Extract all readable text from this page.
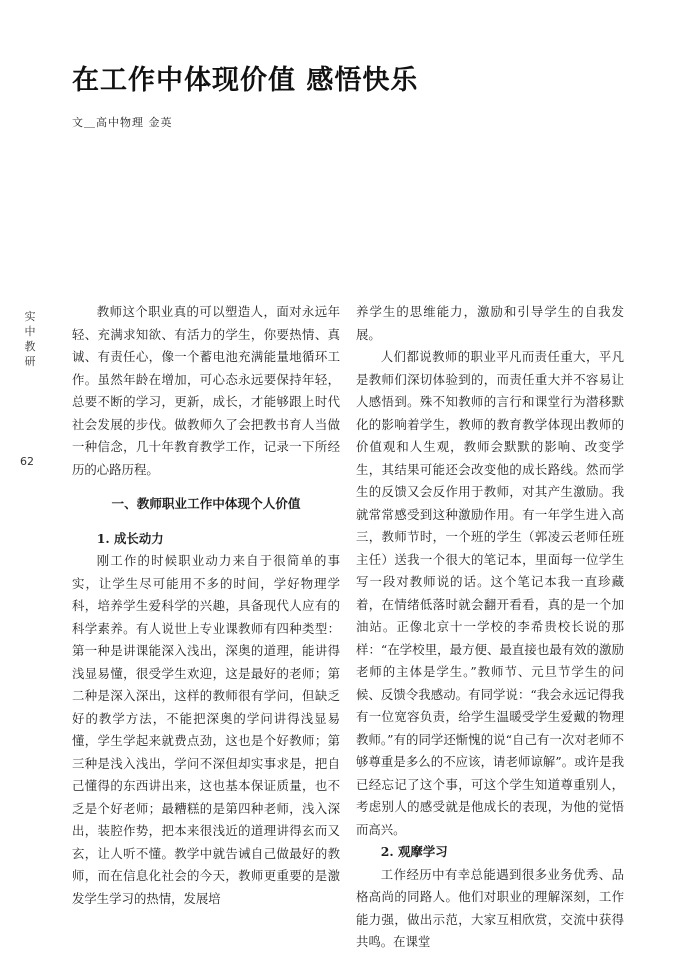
在工作中体现价值 感悟快乐
文＿高中物理 金英
实
中
教
研
62

教师这个职业真的可以塑造人，面对永远年轻、充满求知欲、有活力的学生，你要热情、真诚、有责任心，像一个蓄电池充满能量地循环工作。虽然年龄在增加，可心态永远要保持年轻，总要不断的学习，更新，成长，才能够跟上时代社会发展的步伐。做教师久了会把教书育人当做一种信念，几十年教育教学工作，记录一下所经历的心路历程。

一、教师职业工作中体现个人价值

1. 成长动力

刚工作的时候职业动力来自于很简单的事实，让学生尽可能用不多的时间，学好物理学科，培养学生爱科学的兴趣，具备现代人应有的科学素养。有人说世上专业课教师有四种类型：第一种是讲课能深入浅出，深奥的道理，能讲得浅显易懂，很受学生欢迎，这是最好的老师；第二种是深入深出，这样的教师很有学问，但缺乏好的教学方法，不能把深奥的学问讲得浅显易懂，学生学起来就费点劲，这也是个好教师；第三种是浅入浅出，学问不深但却实事求是，把自己懂得的东西讲出来，这也基本保证质量，也不乏是个好老师；最糟糕的是第四种老师，浅入深出，装腔作势，把本来很浅近的道理讲得玄而又玄，让人听不懂。教学中就告诫自己做最好的教师，而在信息化社会的今天，教师更重要的是激发学生学习的热情，发展培

养学生的思维能力，激励和引导学生的自我发展。

人们都说教师的职业平凡而责任重大，平凡是教师们深切体验到的，而责任重大并不容易让人感悟到。殊不知教师的言行和课堂行为潜移默化的影响着学生，教师的教育教学体现出教师的价值观和人生观，教师会默默的影响、改变学生，其结果可能还会改变他的成长路线。然而学生的反馈又会反作用于教师，对其产生激励。我就常常感受到这种激励作用。有一年学生进入高三，教师节时，一个班的学生（郭凌云老师任班主任）送我一个很大的笔记本，里面每一位学生写一段对教师说的话。这个笔记本我一直珍藏着，在情绪低落时就会翻开看看，真的是一个加油站。正像北京十一学校的李希贵校长说的那样：“在学校里，最方便、最直接也最有效的激励老师的主体是学生。”教师节、元旦节学生的问候、反馈令我感动。有同学说：“我会永远记得我有一位宽容负责，给学生温暖受学生爱戴的物理教师。”有的同学还惭愧的说“自己有一次对老师不够尊重是多么的不应该，请老师谅解”。或许是我已经忘记了这个事，可这个学生知道尊重别人，考虑别人的感受就是他成长的表现，为他的觉悟而高兴。

2. 观摩学习

工作经历中有幸总能遇到很多业务优秀、品格高尚的同路人。他们对职业的理解深刻，工作能力强，做出示范，大家互相欣赏，交流中获得共鸣。在课堂
